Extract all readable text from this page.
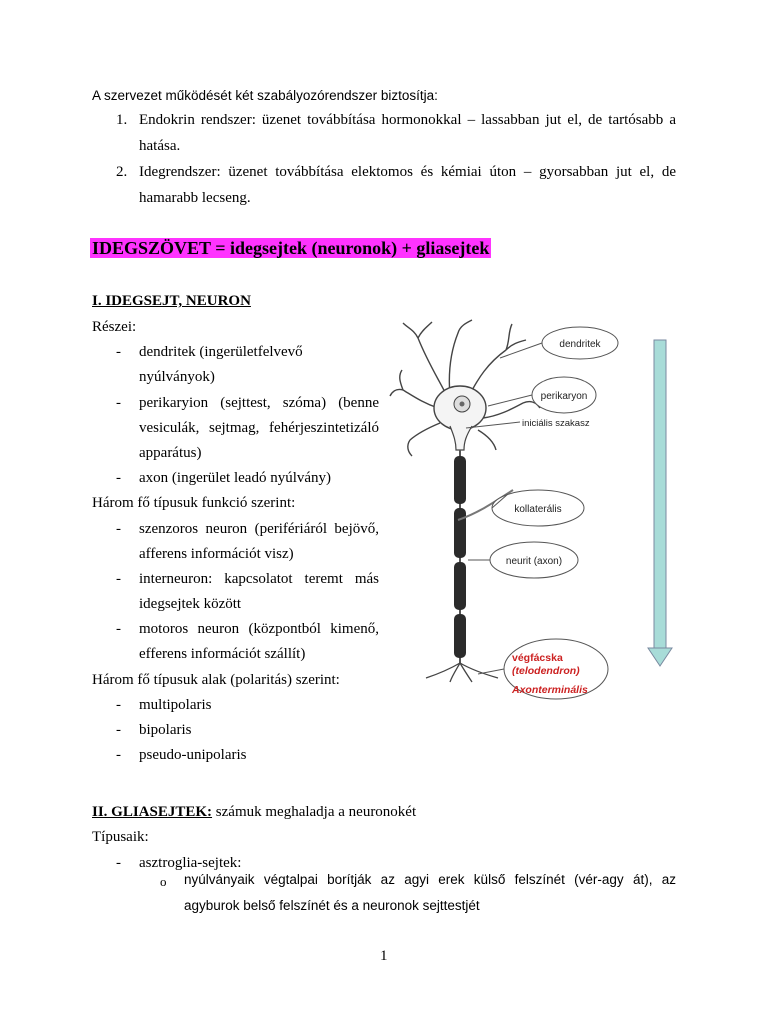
A szervezet működését két szabályozórendszer biztosítja:
1. Endokrin rendszer: üzenet továbbítása hormonokkal – lassabban jut el, de tartósabb a
hatása.
2. Idegrendszer: üzenet továbbítása elektomos és kémiai úton – gyorsabban jut el, de
hamarabb lecseng.
IDEGSZÖVET = idegsejtek (neuronok) + gliasejtek
I. IDEGSEJT, NEURON
Részei:
- dendritek (ingerületfelvevő
nyúlványok)
- perikaryion (sejttest, szóma) (benne
vesiculák, sejtmag, fehérjeszintetizáló
apparátus)
- axon (ingerület leadó nyúlvány)
Három fő típusuk funkció szerint:
- szenzoros neuron (perifériáról bejövő,
afferens információt visz)
- interneuron: kapcsolatot teremt más
idegsejtek között
- motoros neuron (központból kimenő,
efferens információt szállít)
Három fő típusuk alak (polaritás) szerint:
- multipolaris
- bipolaris
- pseudo-unipolaris
dendritek
perikaryon
iniciális szakasz
kollaterális
neurit (axon)
végfácska
(telodendron)
Axonterminális
II. GLIASEJTEK: számuk meghaladja a neuronokét
Típusaik:
- asztroglia-sejtek:
o nyúlványaik végtalpai borítják az agyi erek külső felszínét (vér-agy át), az
agyburok belső felszínét és a neuronok sejttestjét
1
